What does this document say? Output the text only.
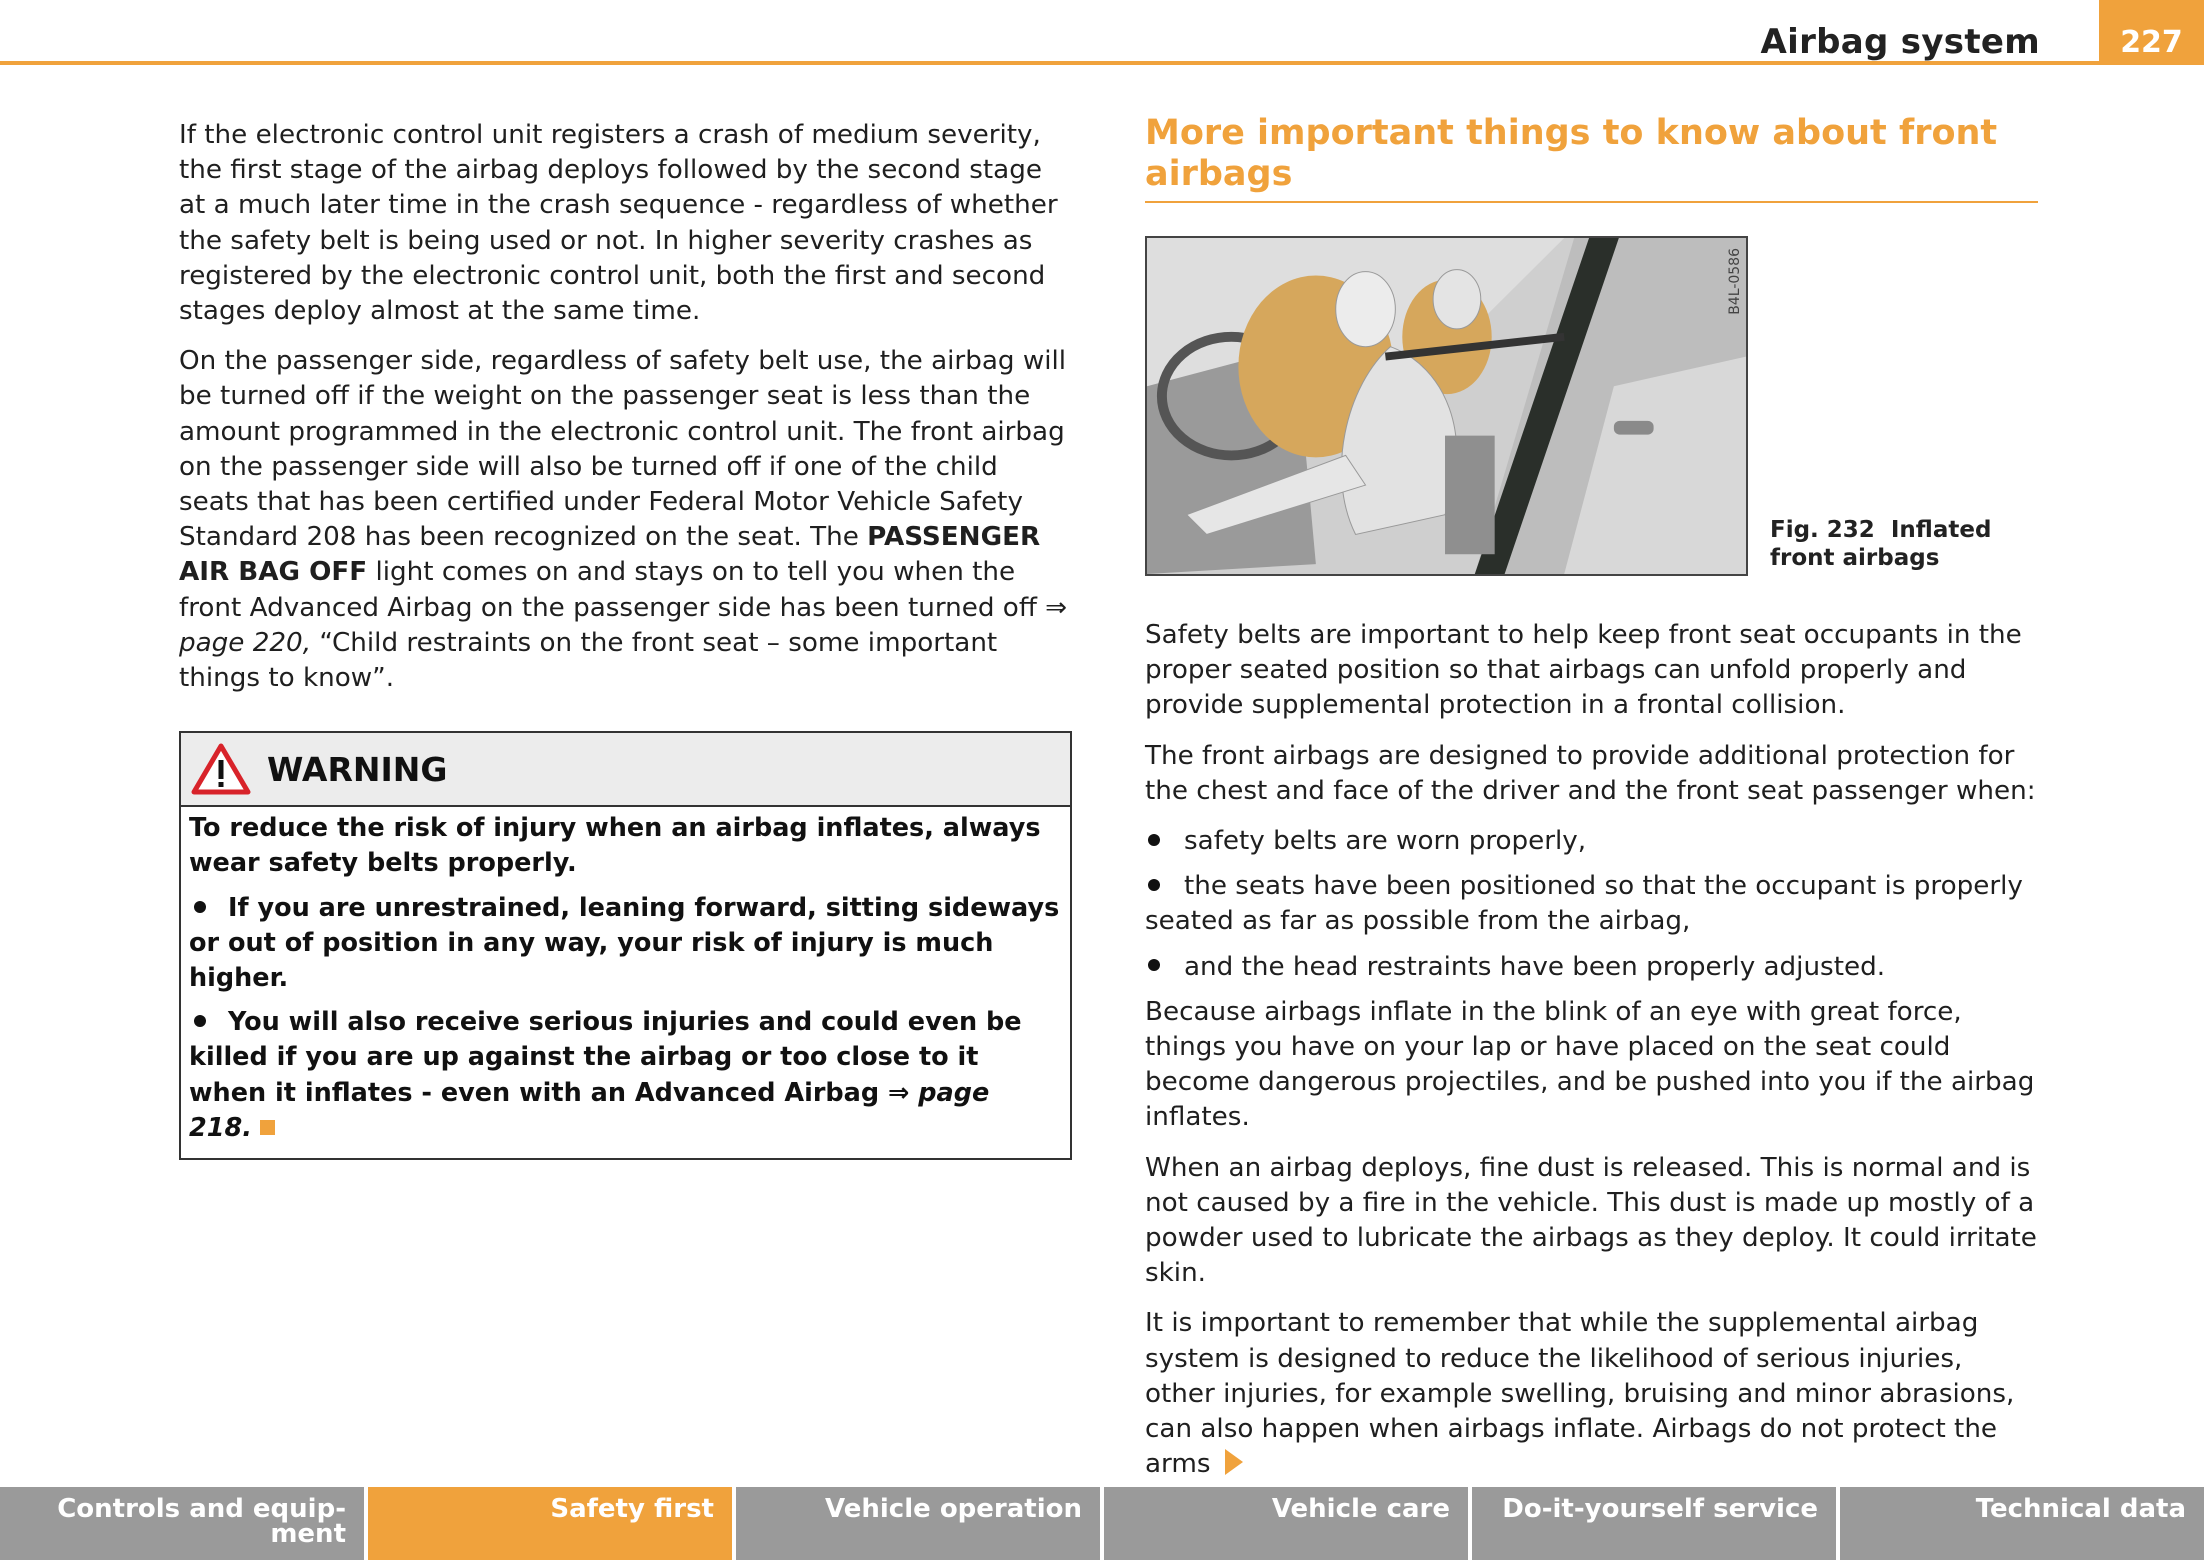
Airbag system	227

If the electronic control unit registers a crash of medium severity, the first stage of the airbag deploys followed by the second stage at a much later time in the crash sequence - regardless of whether the safety belt is being used or not. In higher severity crashes as registered by the electronic control unit, both the first and second stages deploy almost at the same time.

On the passenger side, regardless of safety belt use, the airbag will be turned off if the weight on the passenger seat is less than the amount programmed in the electronic control unit. The front airbag on the passenger side will also be turned off if one of the child seats that has been certified under Federal Motor Vehicle Safety Standard 208 has been recognized on the seat. The PASSENGER AIR BAG OFF light comes on and stays on to tell you when the front Advanced Airbag on the passenger side has been turned off ⇒ page 220, “Child restraints on the front seat – some important things to know”.

WARNING

To reduce the risk of injury when an airbag inflates, always wear safety belts properly.

If you are unrestrained, leaning forward, sitting sideways or out of position in any way, your risk of injury is much higher.

You will also receive serious injuries and could even be killed if you are up against the airbag or too close to it when it inflates - even with an Advanced Airbag ⇒ page 218.

More important things to know about front airbags
B4L-0586
Fig. 232 Inflated front airbags

Safety belts are important to help keep front seat occupants in the proper seated position so that airbags can unfold properly and provide supplemental protection in a frontal collision.

The front airbags are designed to provide additional protection for the chest and face of the driver and the front seat passenger when:

safety belts are worn properly,
the seats have been positioned so that the occupant is properly seated as far as possible from the airbag,
and the head restraints have been properly adjusted.

Because airbags inflate in the blink of an eye with great force, things you have on your lap or have placed on the seat could become dangerous projectiles, and be pushed into you if the airbag inflates.

When an airbag deploys, fine dust is released. This is normal and is not caused by a fire in the vehicle. This dust is made up mostly of a powder used to lubricate the airbags as they deploy. It could irritate skin.

It is important to remember that while the supplemental airbag system is designed to reduce the likelihood of serious injuries, other injuries, for example swelling, bruising and minor abrasions, can also happen when airbags inflate. Airbags do not protect the arms

Controls and equip-
ment
Safety first	Vehicle operation	Vehicle care	Do-it-yourself service	Technical data
